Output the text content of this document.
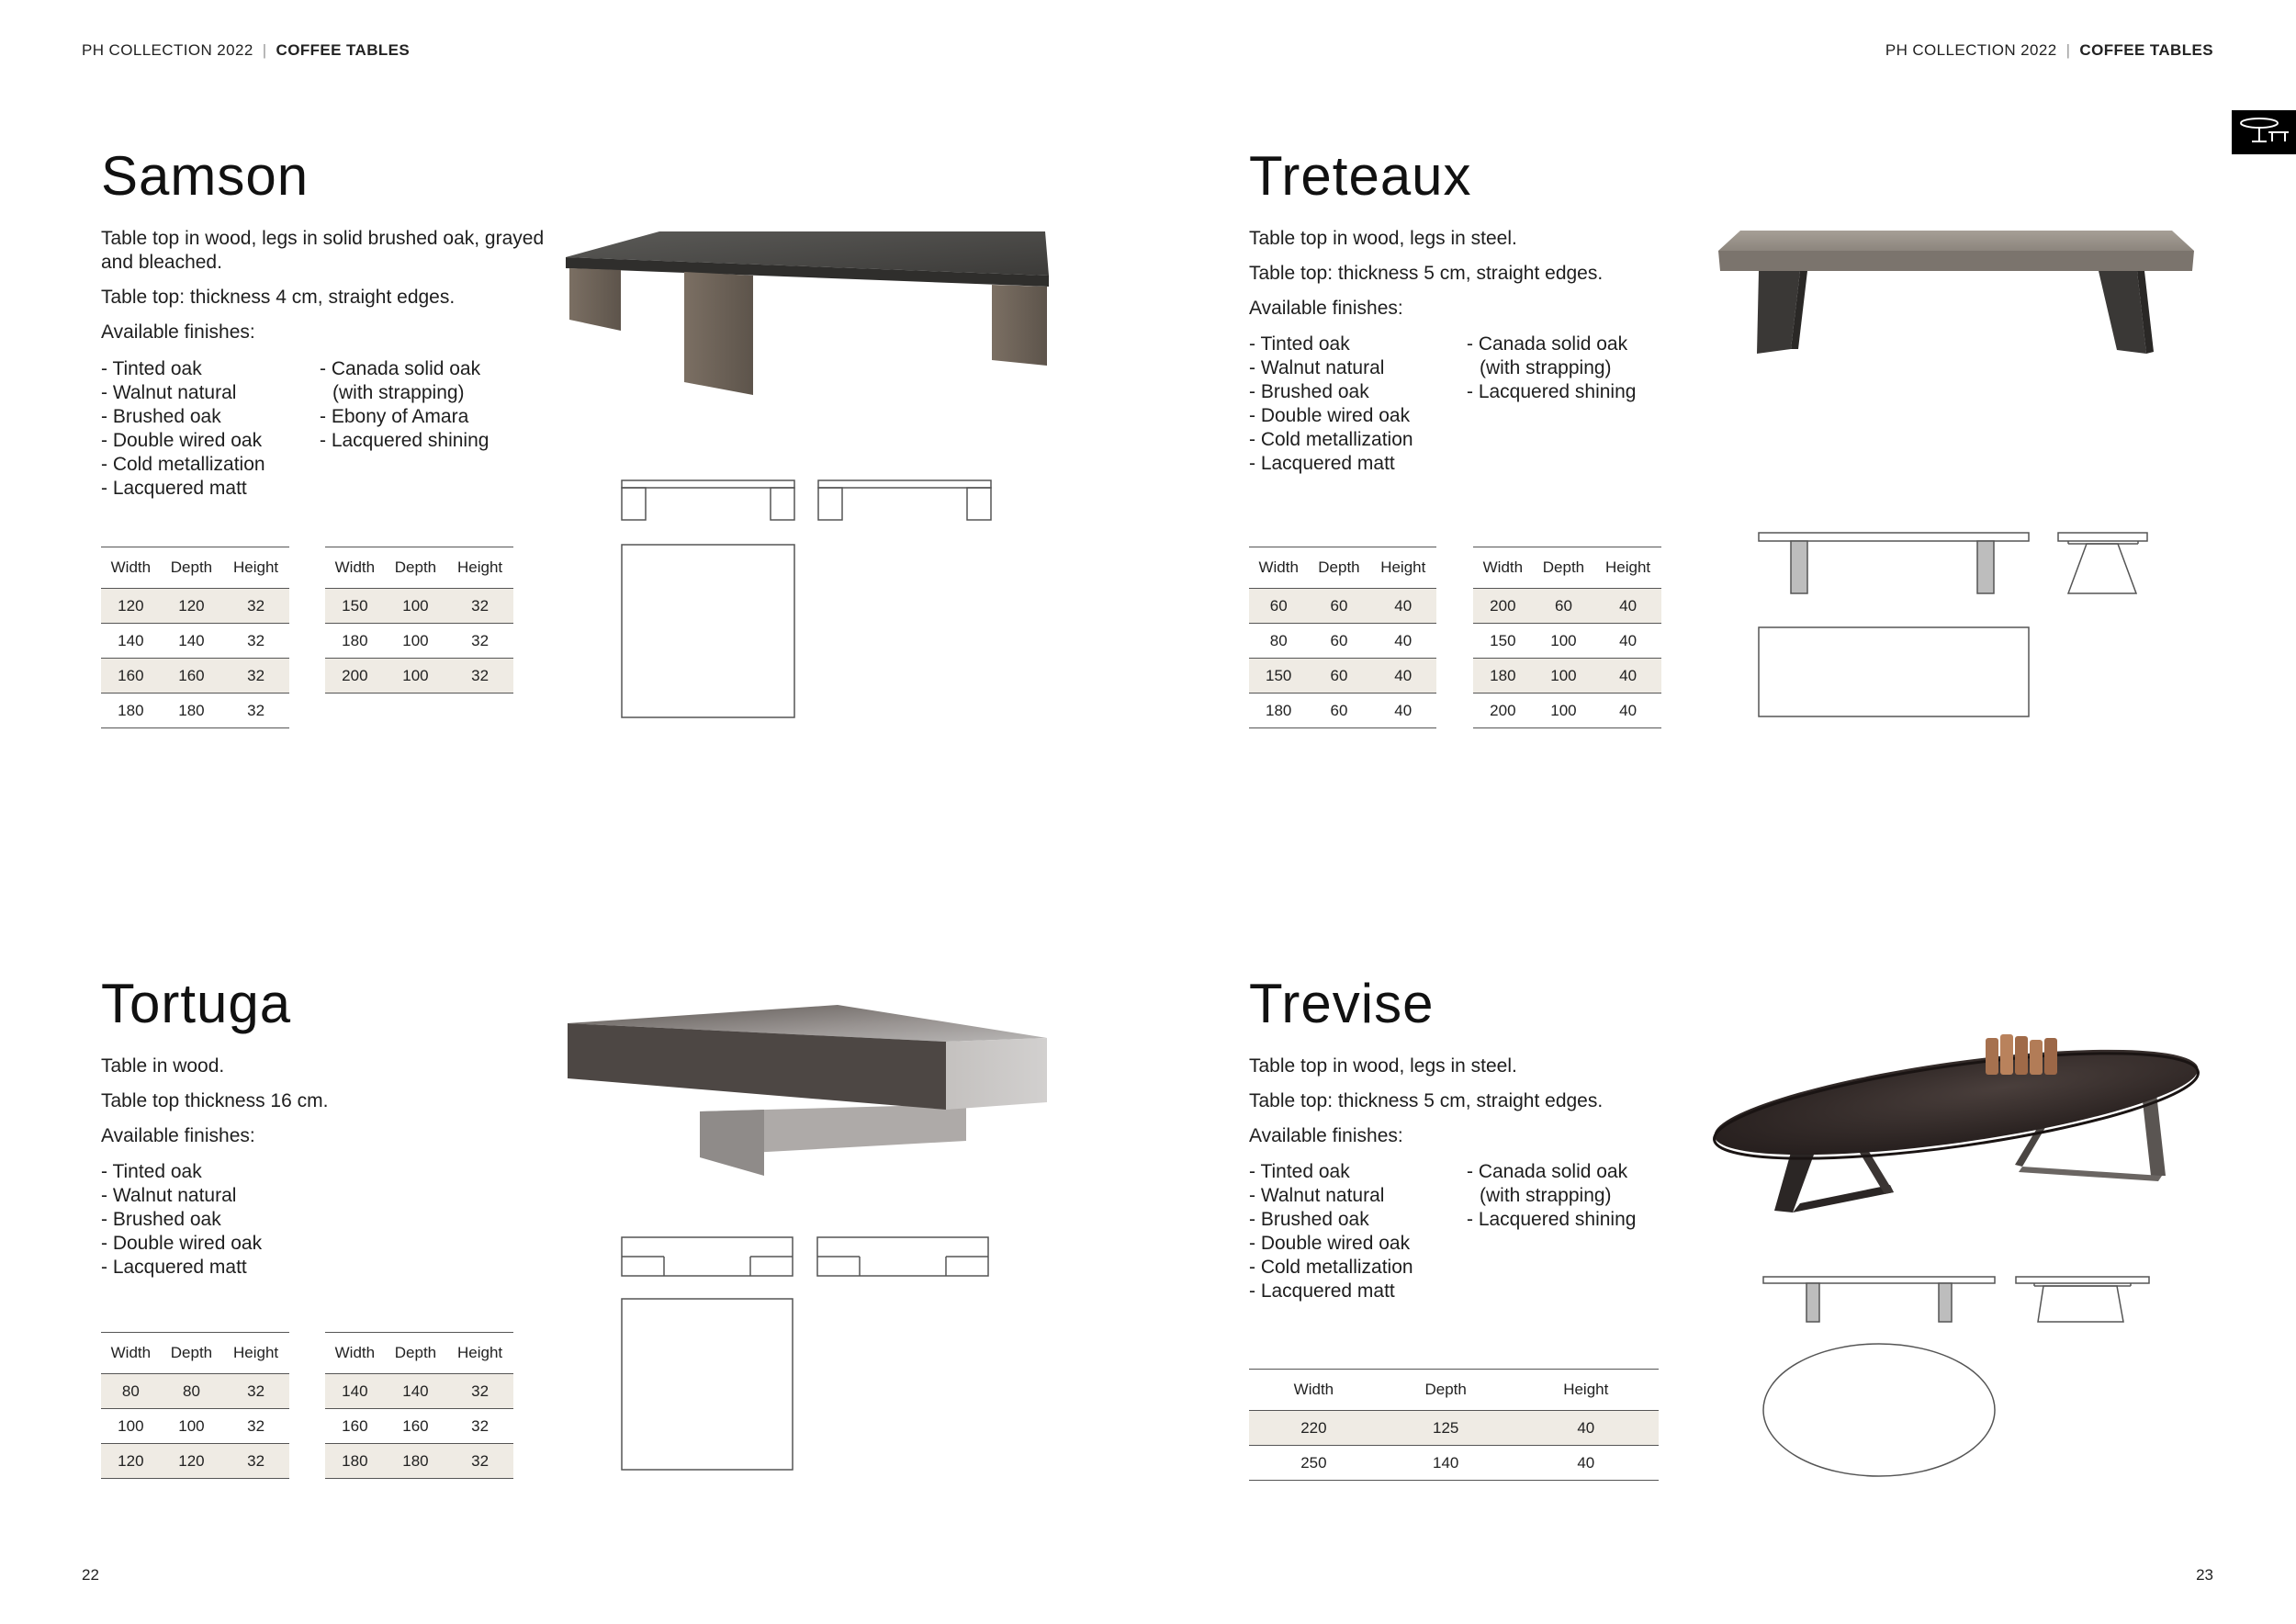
PH COLLECTION 2022 | COFFEE TABLES	PH COLLECTION 2022 | COFFEE TABLES
Samson

Table top in wood, legs in solid brushed oak, grayed and bleached.

Table top: thickness 4 cm, straight edges.

Available finishes:

- Tinted oak
- Walnut natural
- Brushed oak
- Double wired oak
- Cold metallization
- Lacquered matt
- Canada solid oak
(with strapping)
- Ebony of Amara
- Lacquered shining
Width	Depth	Height
120	120	32
140	140	32
160	160	32
180	180	32
Width	Depth	Height
150	100	32
180	100	32
200	100	32
Treteaux

Table top in wood, legs in steel.

Table top: thickness 5 cm, straight edges.

Available finishes:

- Tinted oak
- Walnut natural
- Brushed oak
- Double wired oak
- Cold metallization
- Lacquered matt
- Canada solid oak
(with strapping)
- Lacquered shining
Width	Depth	Height
60	60	40
80	60	40
150	60	40
180	60	40
Width	Depth	Height
200	60	40
150	100	40
180	100	40
200	100	40
Tortuga

Table in wood.

Table top thickness 16 cm.

Available finishes:

- Tinted oak
- Walnut natural
- Brushed oak
- Double wired oak
- Lacquered matt
Width	Depth	Height
80	80	32
100	100	32
120	120	32
Width	Depth	Height
140	140	32
160	160	32
180	180	32
Trevise

Table top in wood, legs in steel.

Table top: thickness 5 cm, straight edges.

Available finishes:

- Tinted oak
- Walnut natural
- Brushed oak
- Double wired oak
- Cold metallization
- Lacquered matt
- Canada solid oak
(with strapping)
- Lacquered shining
Width	Depth	Height
220	125	40
250	140	40
22	23
